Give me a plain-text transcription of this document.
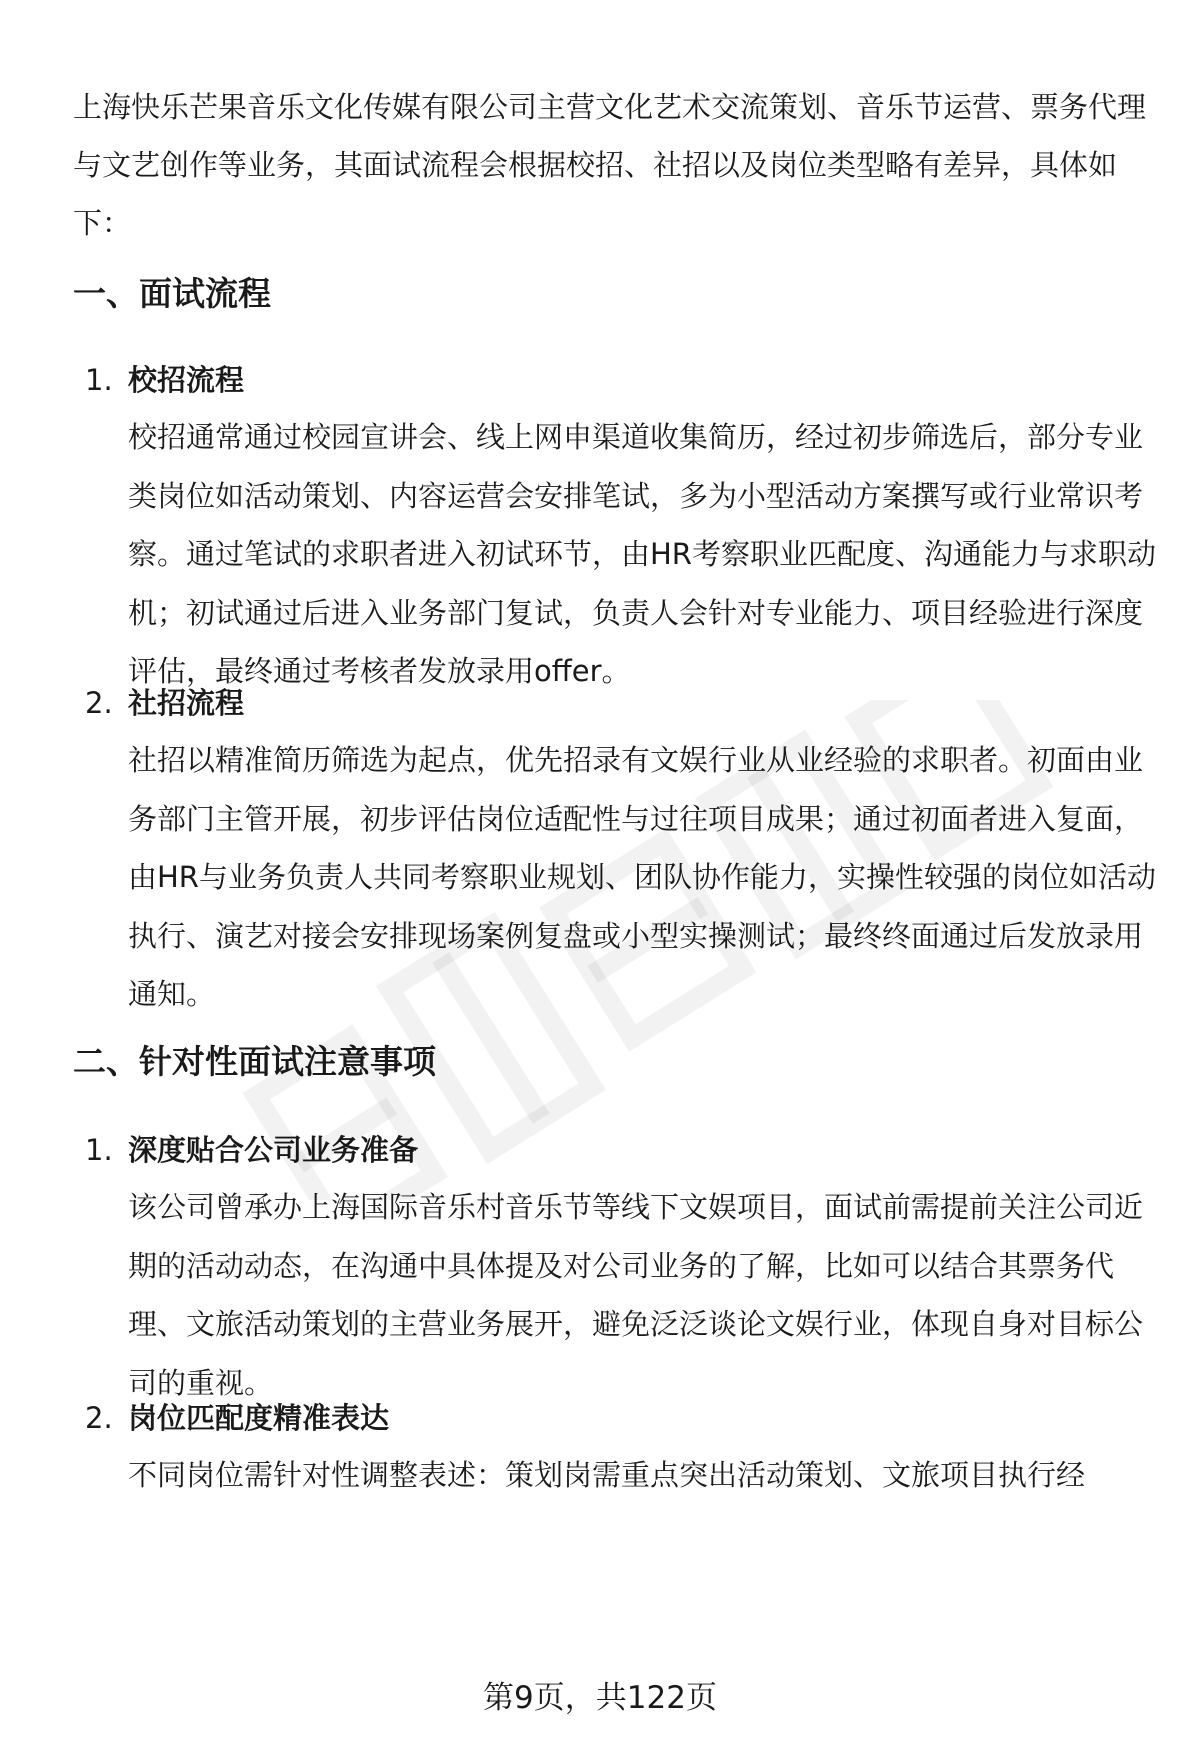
上海快乐芒果音乐文化传媒有限公司主营文化艺术交流策划、音乐节运营、票务代理与文艺创作等业务，其面试流程会根据校招、社招以及岗位类型略有差异，具体如下：

一、面试流程
1. 校招流程
校招通常通过校园宣讲会、线上网申渠道收集简历，经过初步筛选后，部分专业类岗位如活动策划、内容运营会安排笔试，多为小型活动方案撰写或行业常识考察。通过笔试的求职者进入初试环节，由HR考察职业匹配度、沟通能力与求职动机；初试通过后进入业务部门复试，负责人会针对专业能力、项目经验进行深度评估，最终通过考核者发放录用offer。
2. 社招流程
社招以精准简历筛选为起点，优先招录有文娱行业从业经验的求职者。初面由业务部门主管开展，初步评估岗位适配性与过往项目成果；通过初面者进入复面，由HR与业务负责人共同考察职业规划、团队协作能力，实操性较强的岗位如活动执行、演艺对接会安排现场案例复盘或小型实操测试；最终终面通过后发放录用通知。
二、针对性面试注意事项
1. 深度贴合公司业务准备
该公司曾承办上海国际音乐村音乐节等线下文娱项目，面试前需提前关注公司近期的活动动态，在沟通中具体提及对公司业务的了解，比如可以结合其票务代理、文旅活动策划的主营业务展开，避免泛泛谈论文娱行业，体现自身对目标公司的重视。
2. 岗位匹配度精准表达
不同岗位需针对性调整表述：策划岗需重点突出活动策划、文旅项目执行经
第9页，共122页
